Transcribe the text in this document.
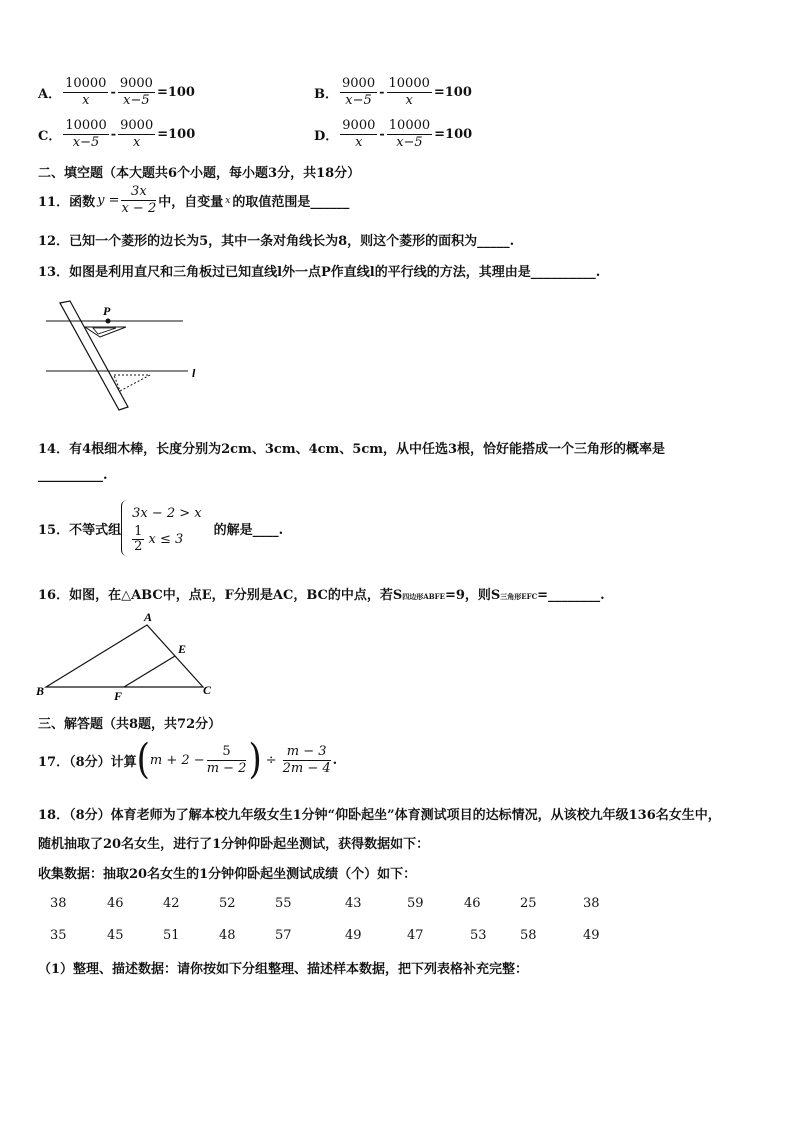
A． $\frac{10000}{x} - \frac{9000}{x-5} =100$	B． $\frac{9000}{x-5} - \frac{10000}{x} =100$
C． $\frac{10000}{x-5} - \frac{9000}{x} =100$	D． $\frac{9000}{x} - \frac{10000}{x-5} =100$
二、填空题（本大题共6个小题，每小题3分，共18分）
11．函数 $y = \frac{3x}{x - 2}$ 中，自变量 x 的取值范围是______
12．已知一个菱形的边长为5，其中一条对角线长为8，则这个菱形的面积为_____.
13．如图是利用直尺和三角板过已知直线l外一点P作直线l的平行线的方法，其理由是__________.
P
l
14．有4根细木棒，长度分别为2cm、3cm、4cm、5cm，从中任选3根，恰好能搭成一个三角形的概率是
__________.
15．不等式组
3x − 2 > x
$\frac{1}{2}$ x ≤ 3
的解是____.
16．如图，在△ABC中，点E，F分别是AC，BC的中点，若S四边形ABFE=9，则S三角形EFC=________.
A
B	C
E
F
三、解答题（共8题，共72分）
17．（8分）计算 ( $m + 2 - \frac{5}{m - 2}$ ) ÷ $\frac{m - 3}{2m - 4}$ .
18．（8分）体育老师为了解本校九年级女生1分钟“仰卧起坐”体育测试项目的达标情况，从该校九年级136名女生中，
随机抽取了20名女生，进行了1分钟仰卧起坐测试，获得数据如下：
收集数据：抽取20名女生的1分钟仰卧起坐测试成绩（个）如下：
38	46	42	52	55	43	59	46	25	38
35	45	51	48	57	49	47	53	58	49
（1）整理、描述数据：请你按如下分组整理、描述样本数据，把下列表格补充完整：
